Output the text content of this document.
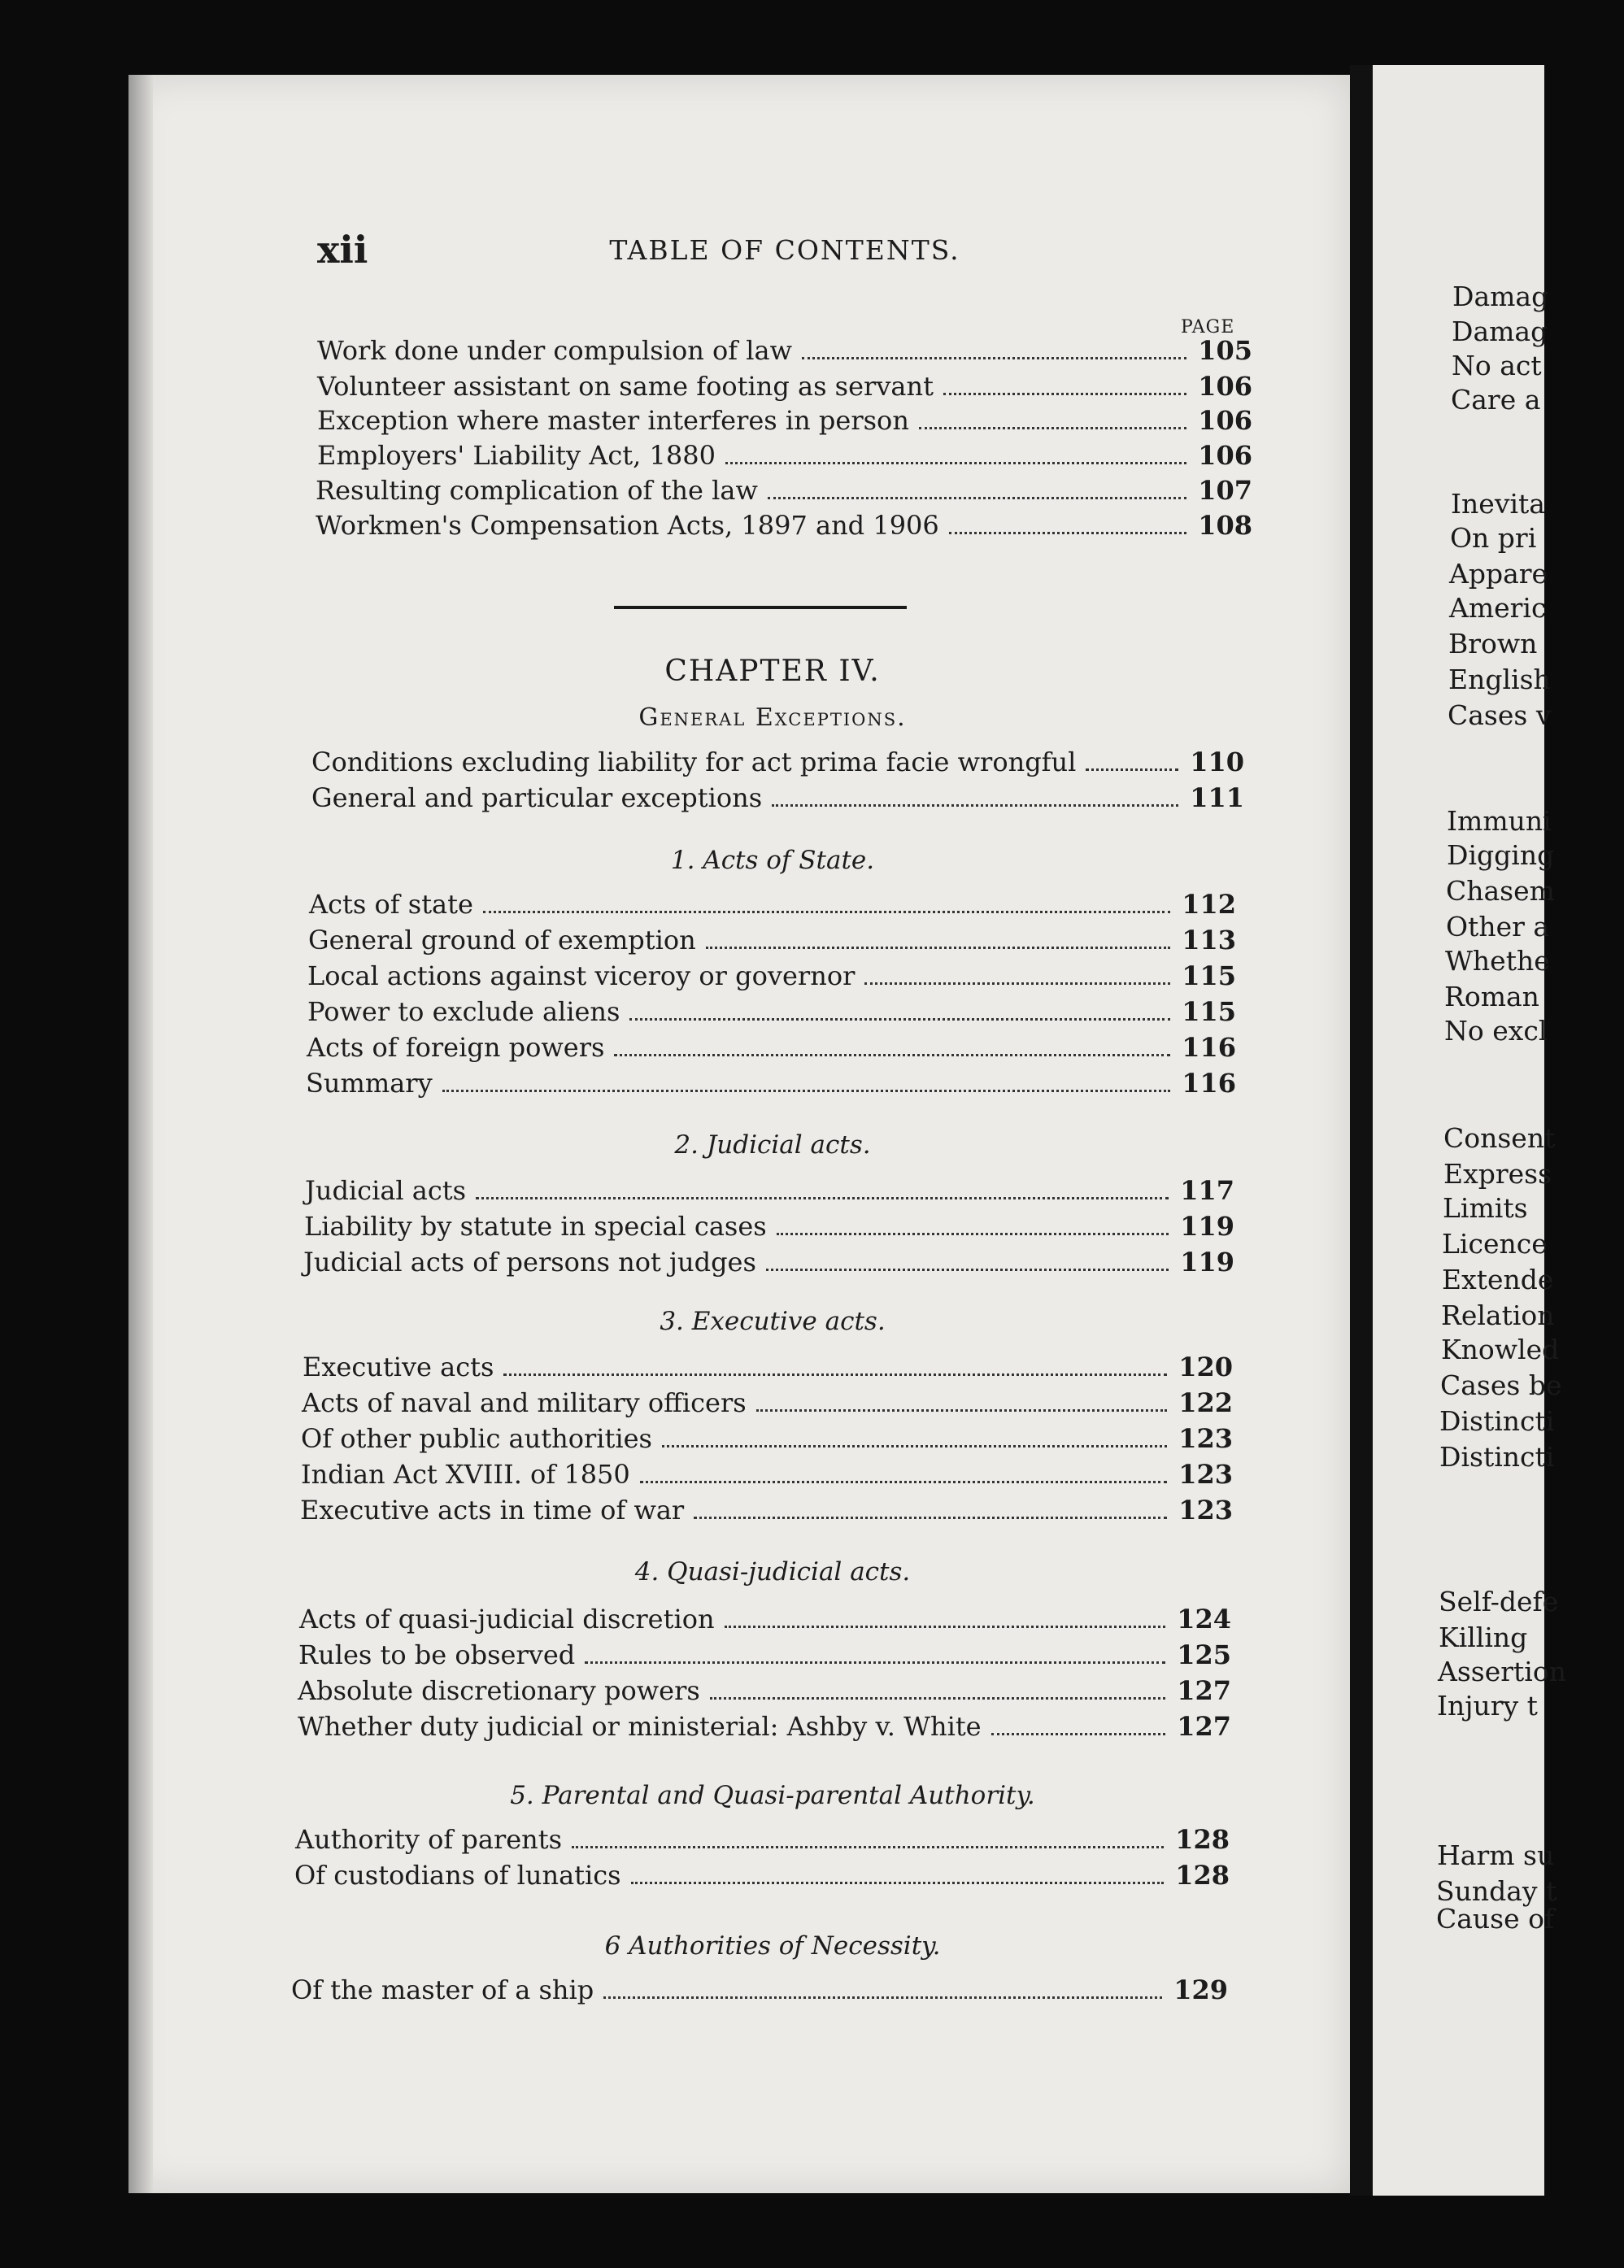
Damag
Damag
No act
Care a
Inevita
On pri
Appare
Americ
Brown
English
Cases v
Immuni
Digging
Chasem
Other a
Whethe
Roman
No excl
Consent
Express
Limits
Licence
Extende
Relation
Knowled
Cases be
Distincti
Distincti
Self-defe
Killing
Assertion
Injury t
Harm su
Sunday t
Cause of
xii	TABLE OF CONTENTS.
PAGE
Work done under compulsion of law	105
Volunteer assistant on same footing as servant	106
Exception where master interferes in person	106
Employers' Liability Act, 1880	106
Resulting complication of the law	107
Workmen's Compensation Acts, 1897 and 1906	108
CHAPTER IV.
General Exceptions.
Conditions excluding liability for act prima facie wrongful	110
General and particular exceptions	111
1. Acts of State.
Acts of state	112
General ground of exemption	113
Local actions against viceroy or governor	115
Power to exclude aliens	115
Acts of foreign powers	116
Summary	116
2. Judicial acts.
Judicial acts	117
Liability by statute in special cases	119
Judicial acts of persons not judges	119
3. Executive acts.
Executive acts	120
Acts of naval and military officers	122
Of other public authorities	123
Indian Act XVIII. of 1850	123
Executive acts in time of war	123
4. Quasi-judicial acts.
Acts of quasi-judicial discretion	124
Rules to be observed	125
Absolute discretionary powers	127
Whether duty judicial or ministerial: Ashby v. White	127
5. Parental and Quasi-parental Authority.
Authority of parents	128
Of custodians of lunatics	128
6 Authorities of Necessity.
Of the master of a ship	129
